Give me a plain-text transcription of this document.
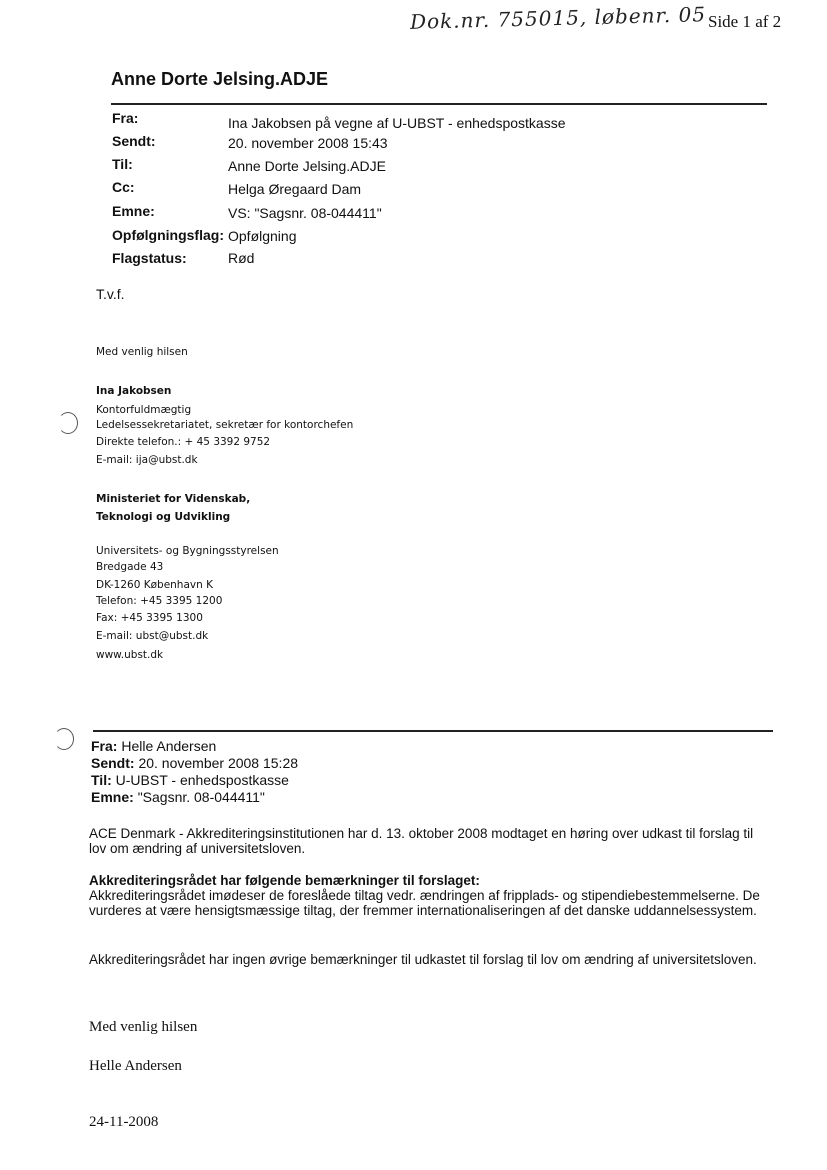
Dok.nr. 755015, løbenr. 05 Side 1 af 2
Anne Dorte Jelsing.ADJE
Fra:	Ina Jakobsen på vegne af U-UBST - enhedspostkasse
Sendt:	20. november 2008 15:43
Til:	Anne Dorte Jelsing.ADJE
Cc:	Helga Øregaard Dam
Emne:	VS: "Sagsnr. 08-044411"
Opfølgningsflag: Opfølgning
Flagstatus:	Rød
T.v.f.
Med venlig hilsen
Ina Jakobsen
Kontorfuldmægtig
Ledelsessekretariatet, sekretær for kontorchefen
Direkte telefon.: + 45 3392 9752
E-mail: ija@ubst.dk
Ministeriet for Videnskab,
Teknologi og Udvikling
Universitets- og Bygningsstyrelsen
Bredgade 43
DK-1260 København K
Telefon: +45 3395 1200
Fax: +45 3395 1300
E-mail: ubst@ubst.dk
www.ubst.dk
Fra: Helle Andersen
Sendt: 20. november 2008 15:28
Til: U-UBST - enhedspostkasse
Emne: "Sagsnr. 08-044411"
ACE Denmark - Akkrediteringsinstitutionen har d. 13. oktober 2008 modtaget en høring over udkast til forslag til lov om ændring af universitetsloven.
Akkrediteringsrådet har følgende bemærkninger til forslaget:
Akkrediteringsrådet imødeser de foreslåede tiltag vedr. ændringen af fripplads- og stipendiebestemmelserne. De vurderes at være hensigtsmæssige tiltag, der fremmer internationaliseringen af det danske uddannelsessystem.
Akkrediteringsrådet har ingen øvrige bemærkninger til udkastet til forslag til lov om ændring af universitetsloven.
Med venlig hilsen
Helle Andersen
24-11-2008
